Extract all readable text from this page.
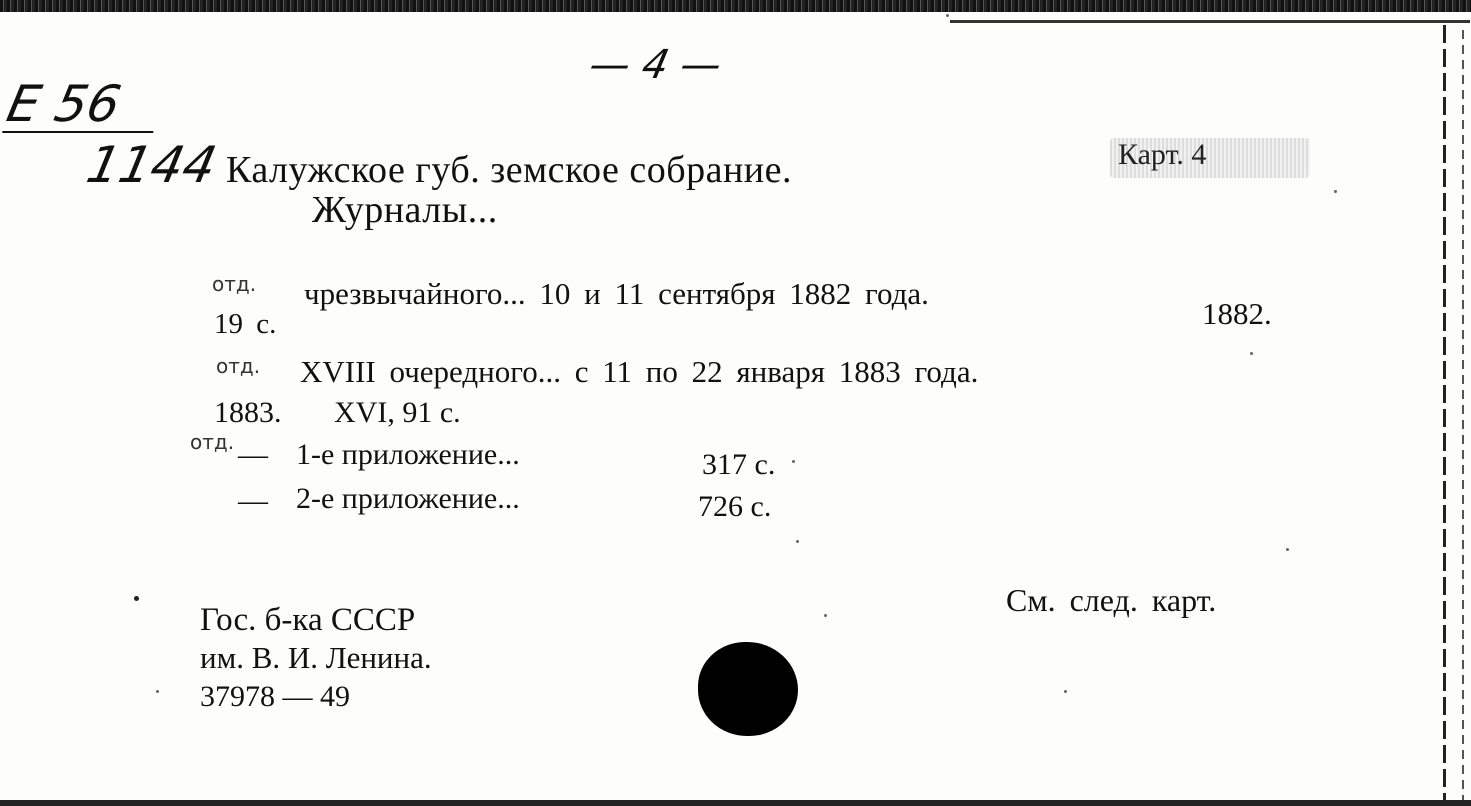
— 4 —
Е 56
1144	Карт. 4
Калужское губ. земское собрание.
Журналы...
отд. чрезвычайного... 10 и 11 сентября 1882 года.
1882.
19 с.
отд. XVIII очередного... с 11 по 22 января 1883 года.
1883.       XVI, 91 с.
отд. — 1-е приложение...	317 с.
— 2-е приложение...	726 с.
См. след. карт.
Гос. б-ка СССР
им. В. И. Ленина.
37978 — 49
